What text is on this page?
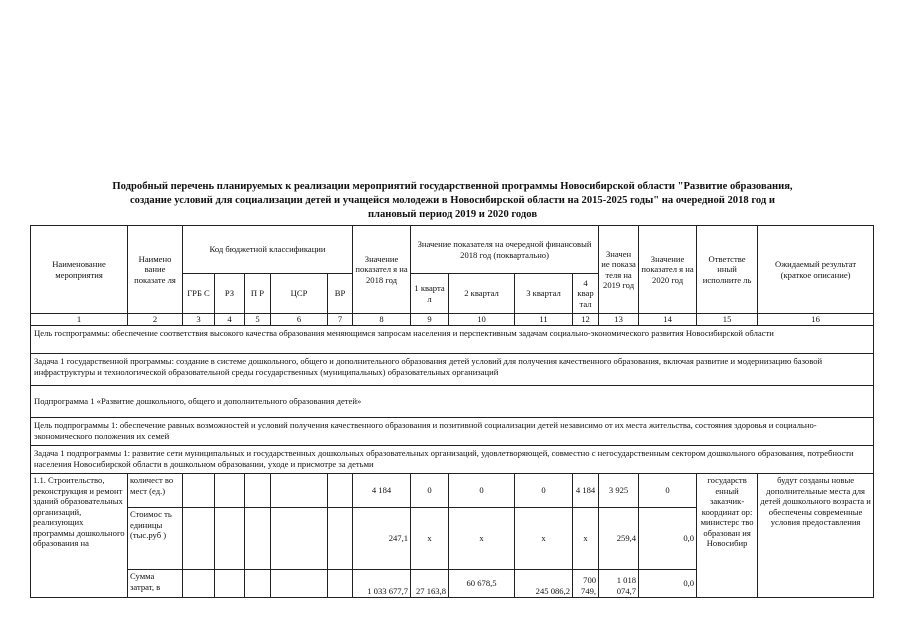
Подробный перечень планируемых к реализации мероприятий государственной программы Новосибирской области "Развитие образования,
создание условий для социализации детей и учащейся молодежи в Новосибирской области на 2015-2025 годы" на очередной 2018 год и
плановый период 2019 и 2020 годов
Наименование мероприятия	Наимено вание показате ля	Код бюджетной классификации					Значение показател я на 2018 год	Значение показателя на очередной финансовый 2018 год (поквартально)				Значен ие показа теля на 2019 год	Значение показател я на 2020 год	Ответстве нный исполните ль	Ожидаемый результат (краткое описание)
		ГРБ С	РЗ	П Р	ЦСР	ВР		1 кварта л	2 квартал	3 квартал	4 квар тал				
1	2	3	4	5	6	7	8	9	10	11	12	13	14	15	16
Цель госпрограммы: обеспечение соответствия высокого качества образования меняющимся запросам населения и перспективным задачам социально-экономического развития Новосибирской области															
Задача 1 государственной программы: создание в системе дошкольного, общего и дополнительного образования детей условий для получения качественного образования, включая развитие и модернизацию базовой инфраструктуры и технологической образовательной среды государственных (муниципальных) образовательных организаций															
Подпрограмма 1 «Развитие дошкольного, общего и дополнительного образования детей»															
Цель подпрограммы 1: обеспечение равных возможностей и условий получения качественного образования и позитивной социализации детей независимо от их места жительства, состояния здоровья и социально-экономического положения их семей															
Задача 1 подпрограммы 1: развитие сети муниципальных и государственных дошкольных образовательных организаций, удовлетворяющей, совместно с негосударственным сектором дошкольного образования, потребности населения Новосибирской области в дошкольном образовании, уходе и присмотре за детьми															
1.1. Строительство, реконструкция и ремонт зданий образовательных организаций, реализующих программы дошкольного образования на	количест во мест (ед.)						4 184	0	0	0	4 184	3 925	0	государств енный заказчик-координат ор: министерс тво образован ия Новосибир	будут созданы новые дополнительные места для детей дошкольного возраста и обеспечены современные условия предоставления
	Стоимос ть единицы (тыс.руб )						247,1	х	х	х	х	259,4	0,0		
	Сумма затрат, в						1 033 677,7	27 163,8	60 678,5	245 086,2	700 749,	1 018 074,7	0,0		
